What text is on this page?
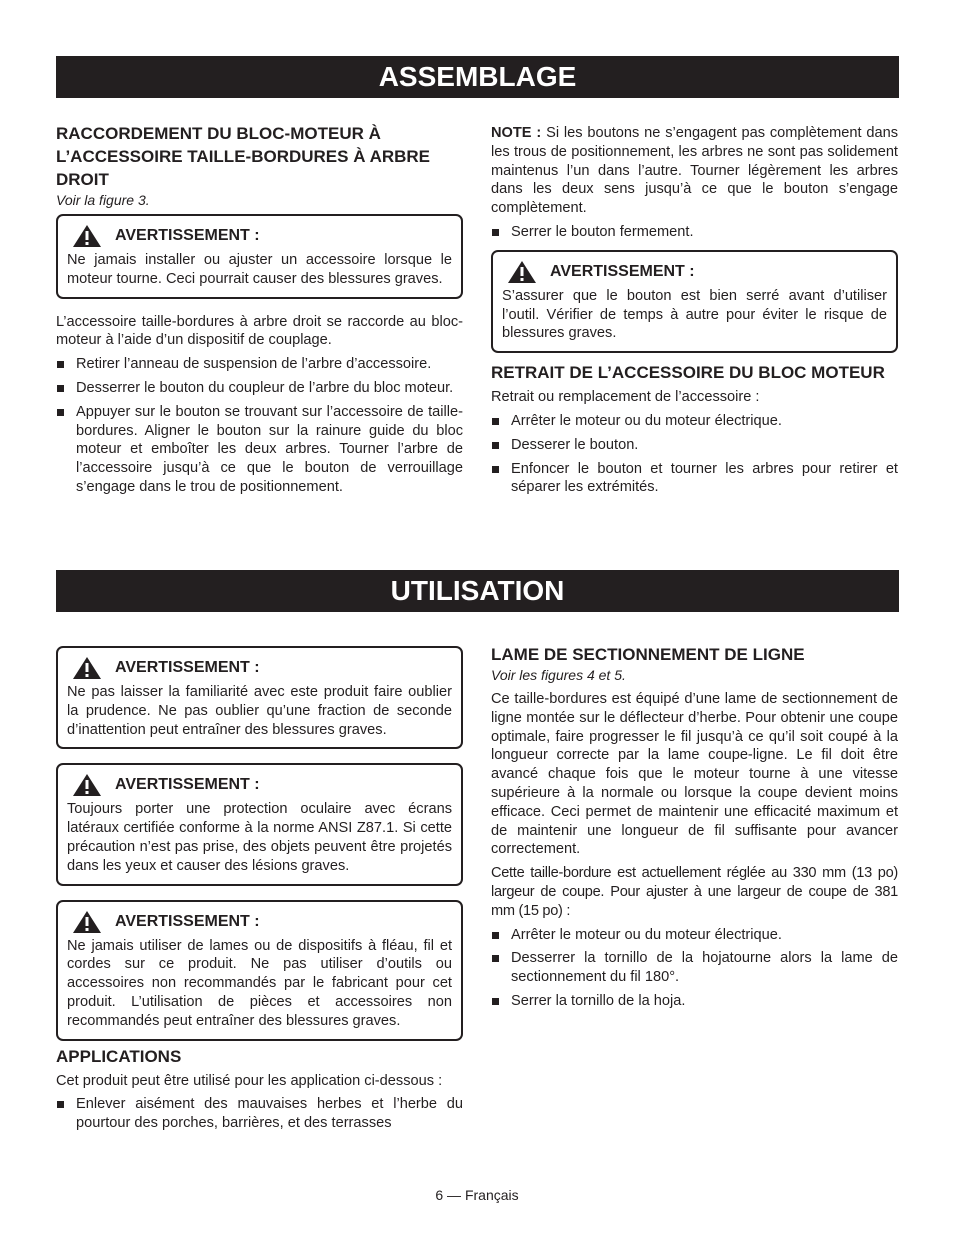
ASSEMBLAGE
RACCORDEMENT DU BLOC-MOTEUR À L’ACCESSOIRE TAILLE-BORDURES À ARBRE DROIT
Voir la figure 3.
AVERTISSEMENT :
Ne jamais installer ou ajuster un accessoire lorsque le moteur tourne. Ceci pourrait causer des blessures graves.
L’accessoire taille-bordures à arbre droit se raccorde au bloc-moteur à l’aide d’un dispositif de couplage.
Retirer l’anneau de suspension de l’arbre d’accessoire.
Desserrer le bouton du coupleur de l’arbre du bloc moteur.
Appuyer sur le bouton se trouvant sur l’accessoire de taille-bordures. Aligner le bouton sur la rainure guide du bloc moteur et emboîter les deux arbres. Tourner l’arbre de l’accessoire jusqu’à ce que le bouton de verrouillage s’engage dans le trou de positionnement.
NOTE : Si les boutons ne s’engagent pas complètement dans les trous de positionnement, les arbres ne sont pas solidement maintenus l’un dans l’autre. Tourner légèrement les arbres dans les deux sens jusqu’à ce que le bouton s’engage complètement.
Serrer le bouton fermement.
AVERTISSEMENT :
S’assurer que le bouton est bien serré avant d’utiliser l’outil. Vérifier de temps à autre pour éviter le risque de blessures graves.
RETRAIT DE L’ACCESSOIRE DU BLOC MOTEUR
Retrait ou remplacement de l’accessoire :
Arrêter le moteur ou du moteur électrique.
Desserer le bouton.
Enfoncer le bouton et tourner les arbres pour retirer et séparer les extrémités.
UTILISATION
AVERTISSEMENT :
Ne pas laisser la familiarité avec este produit faire oublier la prudence. Ne pas oublier qu’une fraction de seconde d’inattention peut entraîner des blessures graves.
AVERTISSEMENT :
Toujours porter une protection oculaire avec écrans latéraux certifiée conforme à la norme ANSI Z87.1. Si cette précaution n’est pas prise, des objets peuvent être projetés dans les yeux et causer des lésions graves.
AVERTISSEMENT :
Ne jamais utiliser de lames ou de dispositifs à fléau, fil et cordes sur ce produit. Ne pas utiliser d’outils ou accessoires non recommandés par le fabricant pour cet produit. L’utilisation de pièces et accessoires non recommandés peut entraîner des blessures graves.
APPLICATIONS
Cet produit peut être utilisé pour les application ci-dessous :
Enlever aisément des mauvaises herbes et l’herbe du pourtour des porches, barrières, et des terrasses
LAME DE SECTIONNEMENT DE LIGNE
Voir les figures 4 et 5.
Ce taille-bordures est équipé d’une lame de sectionnement de ligne montée sur le déflecteur d’herbe. Pour obtenir une coupe optimale, faire progresser le fil jusqu’à ce qu’il soit coupé à la longueur correcte par la lame coupe-ligne. Le fil doit être avancé chaque fois que le moteur tourne à une vitesse supérieure à la normale ou lorsque la coupe devient moins efficace. Ceci permet de maintenir une efficacité maximum et de maintenir une longueur de fil suffisante pour avancer correctement.
Cette taille-bordure est actuellement réglée au 330 mm (13 po) largeur de coupe. Pour ajuster à une largeur de coupe de 381 mm (15 po) :
Arrêter le moteur ou du moteur électrique.
Desserrer la tornillo de la hojatourne alors la lame de sectionnement du fil 180°.
Serrer la tornillo de la hoja.
6 — Français
